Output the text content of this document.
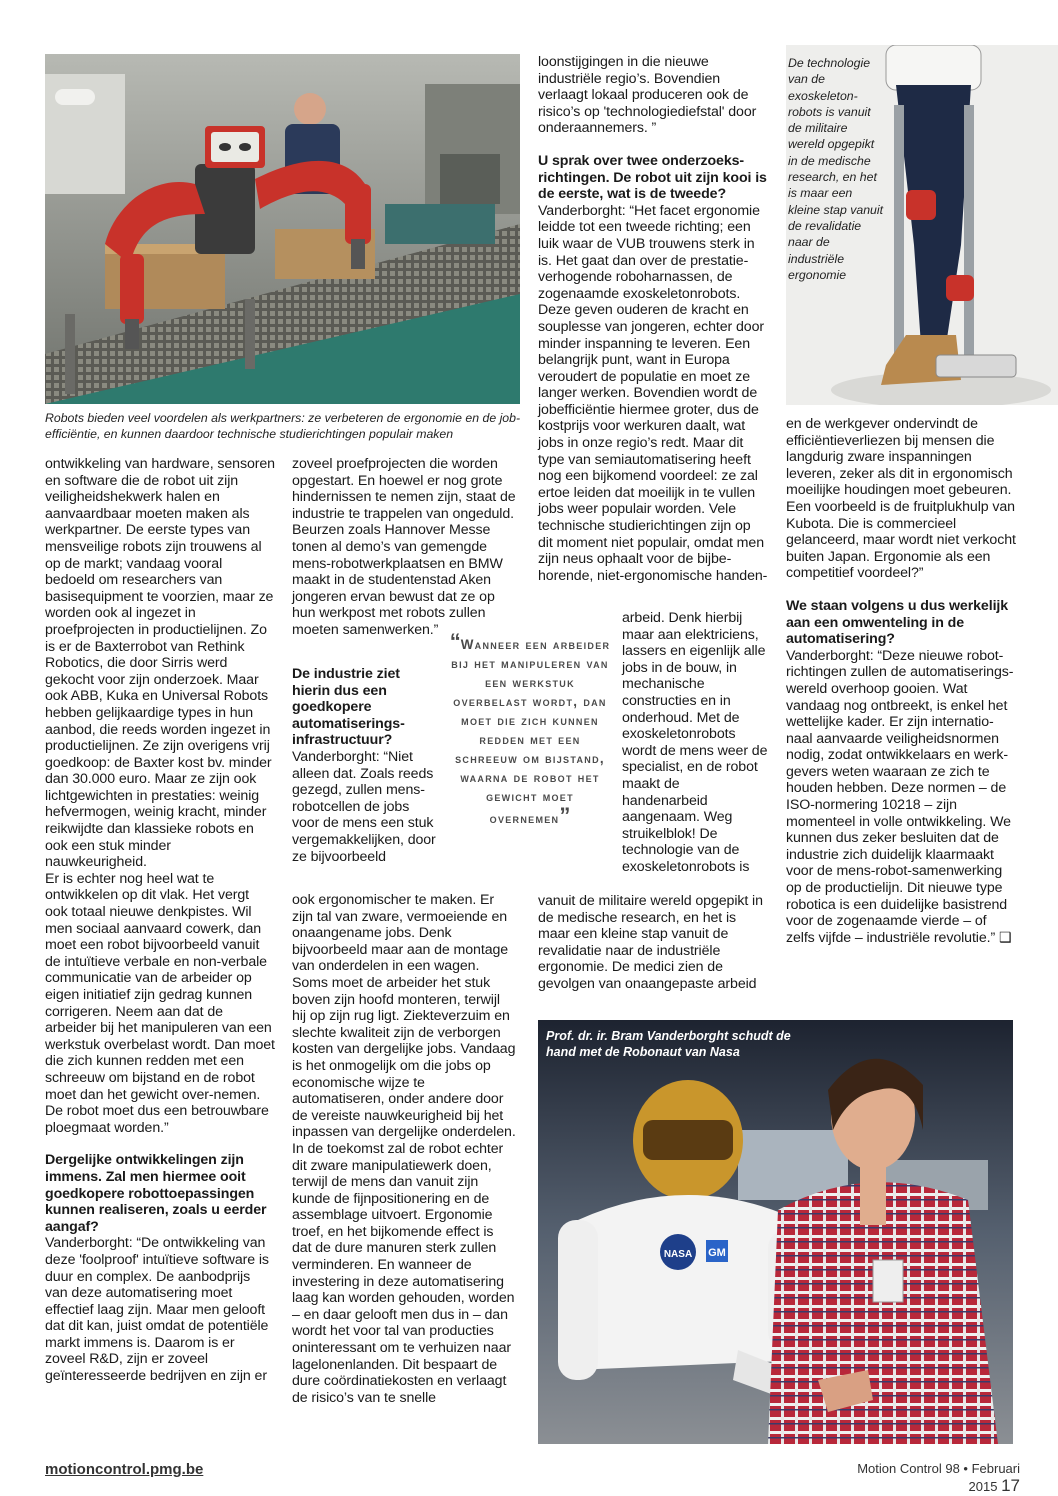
Robots bieden veel voordelen als werkpartners: ze verbeteren de ergonomie en de job-efficiëntie, en kunnen daardoor technische studierichtingen populair maken
De technologie van de exoskeleton-robots is vanuit de militaire wereld opgepikt in de medische research, en het is maar een kleine stap vanuit de revalidatie naar de industriële ergonomie

ontwikkeling van hardware, sensoren en software die de robot uit zijn veiligheidshekwerk halen en aanvaardbaar moeten maken als werkpartner. De eerste types van mensveilige robots zijn trouwens al op de markt; vandaag vooral bedoeld om researchers van basisequipment te voorzien, maar ze worden ook al ingezet in proefprojecten in productielijnen. Zo is er de Baxterrobot van Rethink Robotics, die door Sirris werd gekocht voor zijn onderzoek. Maar ook ABB, Kuka en Universal Robots hebben gelijkaardige types in hun aanbod, die reeds worden ingezet in productielijnen. Ze zijn overigens vrij goedkoop: de Baxter kost bv. minder dan 30.000 euro. Maar ze zijn ook lichtgewichten in prestaties: weinig hefvermogen, weinig kracht, minder reikwijdte dan klassieke robots en ook een stuk minder nauwkeurigheid.

Er is echter nog heel wat te ontwikkelen op dit vlak. Het vergt ook totaal nieuwe denkpistes. Wil men sociaal aanvaard cowerk, dan moet een robot bijvoorbeeld vanuit de intuïtieve verbale en non-verbale communicatie van de arbeider op eigen initiatief zijn gedrag kunnen corrigeren. Neem aan dat de arbeider bij het manipuleren van een werkstuk overbelast wordt. Dan moet die zich kunnen redden met een schreeuw om bijstand en de robot moet dan het gewicht over-nemen. De robot moet dus een betrouwbare ploegmaat worden.”

Dergelijke ontwikkelingen zijn immens. Zal men hiermee ooit goedkopere robottoepassingen kunnen realiseren, zoals u eerder aangaf?

Vanderborght: “De ontwikkeling van deze 'foolproof' intuïtieve software is duur en complex. De aanbodprijs van deze automatisering moet effectief laag zijn. Maar men gelooft dat dit kan, juist omdat de potentiële markt immens is. Daarom is er zoveel R&D, zijn er zoveel geïnteresseerde bedrijven en zijn er

zoveel proefprojecten die worden opgestart. En hoewel er nog grote hindernissen te nemen zijn, staat de industrie te trappelen van ongeduld. Beurzen zoals Hannover Messe tonen al demo’s van gemengde mens-robotwerkplaatsen en BMW maakt in de studentenstad Aken jongeren ervan bewust dat ze op hun werkpost met robots zullen moeten samenwerken.”

De industrie ziet hierin dus een goedkopere automatiserings-infrastructuur?

Vanderborght: “Niet alleen dat. Zoals reeds gezegd, zullen mens-robotcellen de jobs voor de mens een stuk vergemakkelijken, door ze bijvoorbeeld

ook ergonomischer te maken. Er zijn tal van zware, vermoeiende en onaangename jobs. Denk bijvoorbeeld maar aan de montage van onderdelen in een wagen. Soms moet de arbeider het stuk boven zijn hoofd monteren, terwijl hij op zijn rug ligt. Ziekteverzuim en slechte kwaliteit zijn de verborgen kosten van dergelijke jobs. Vandaag is het onmogelijk om die jobs op economische wijze te automatiseren, onder andere door de vereiste nauwkeurigheid bij het inpassen van dergelijke onderdelen. In de toekomst zal de robot echter dit zware manipulatiewerk doen, terwijl de mens dan vanuit zijn kunde de fijnpositionering en de assemblage uitvoert. Ergonomie troef, en het bijkomende effect is dat de dure manuren sterk zullen verminderen. En wanneer de investering in deze automatisering laag kan worden gehouden, worden – en daar gelooft men dus in – dan wordt het voor tal van producties oninteressant om te verhuizen naar lagelonenlanden. Dit bespaart de dure coördinatiekosten en verlaagt de risico’s van te snelle

“Wanneer een arbeider bij het manipuleren van een werkstuk overbelast wordt, dan moet die zich kunnen redden met een schreeuw om bijstand, waarna de robot het gewicht moet overnemen”

loonstijgingen in die nieuwe industriële regio’s. Bovendien verlaagt lokaal produceren ook de risico’s op 'technologiediefstal' door onderaannemers. ”

U sprak over twee onderzoeks-richtingen. De robot uit zijn kooi is de eerste, wat is de tweede?

Vanderborght: “Het facet ergonomie leidde tot een tweede richting; een luik waar de VUB trouwens sterk in is. Het gaat dan over de prestatie-verhogende roboharnassen, de zogenaamde exoskeletonrobots. Deze geven ouderen de kracht en souplesse van jongeren, echter door minder inspanning te leveren. Een belangrijk punt, want in Europa veroudert de populatie en moet ze langer werken. Bovendien wordt de jobefficiëntie hiermee groter, dus de kostprijs voor werkuren daalt, wat jobs in onze regio’s redt. Maar dit type van semiautomatisering heeft nog een bijkomend voordeel: ze zal ertoe leiden dat moeilijk in te vullen jobs weer populair worden. Vele technische studierichtingen zijn op dit moment niet populair, omdat men zijn neus ophaalt voor de bijbe-horende, niet-ergonomische handen-

arbeid. Denk hierbij maar aan elektriciens, lassers en eigenlijk alle jobs in de bouw, in mechanische constructies en in onderhoud. Met de exoskeletonrobots wordt de mens weer de specialist, en de robot maakt de handenarbeid aangenaam. Weg struikelblok! De technologie van de exoskeletonrobots is

vanuit de militaire wereld opgepikt in de medische research, en het is maar een kleine stap vanuit de revalidatie naar de industriële ergonomie. De medici zien de gevolgen van onaangepaste arbeid

en de werkgever ondervindt de efficiëntieverliezen bij mensen die langdurig zware inspanningen leveren, zeker als dit in ergonomisch moeilijke houdingen moet gebeuren. Een voorbeeld is de fruitplukhulp van Kubota. Die is commercieel gelanceerd, maar wordt niet verkocht buiten Japan. Ergonomie als een competitief voordeel?”

We staan volgens u dus werkelijk aan een omwenteling in de automatisering?

Vanderborght: “Deze nieuwe robot-richtingen zullen de automatiserings-wereld overhoop gooien. Wat vandaag nog ontbreekt, is enkel het wettelijke kader. Er zijn internatio-naal aanvaarde veiligheidsnormen nodig, zodat ontwikkelaars en werk-gevers weten waaraan ze zich te houden hebben. Deze normen – de ISO-normering 10218 – zijn momenteel in volle ontwikkeling. We kunnen dus zeker besluiten dat de industrie zich duidelijk klaarmaakt voor de mens-robot-samenwerking op de productielijn. Dit nieuwe type robotica is een duidelijke basistrend voor de zogenaamde vierde – of zelfs vijfde – industriële revolutie.” ❑

NASA GM
Prof. dr. ir. Bram Vanderborght schudt de hand met de Robonaut van Nasa
motioncontrol.pmg.be	Motion Control 98 • Februari 2015 17
